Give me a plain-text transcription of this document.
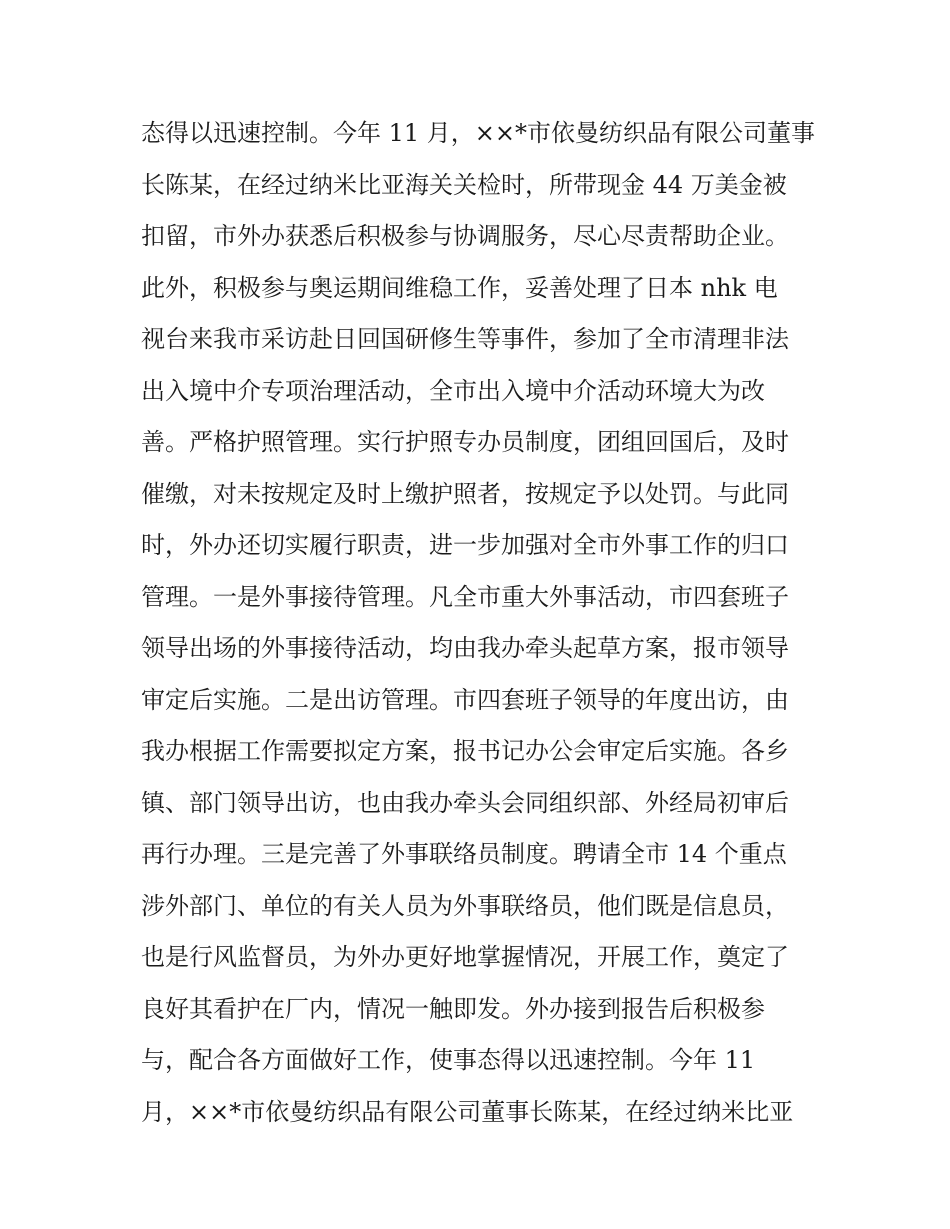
态得以迅速控制。今年 11 月，××*市依曼纺织品有限公司董事
长陈某，在经过纳米比亚海关关检时，所带现金 44 万美金被
扣留，市外办获悉后积极参与协调服务，尽心尽责帮助企业。
此外，积极参与奥运期间维稳工作，妥善处理了日本 nhk 电
视台来我市采访赴日回国研修生等事件，参加了全市清理非法
出入境中介专项治理活动，全市出入境中介活动环境大为改
善。严格护照管理。实行护照专办员制度，团组回国后，及时
催缴，对未按规定及时上缴护照者，按规定予以处罚。与此同
时，外办还切实履行职责，进一步加强对全市外事工作的归口
管理。一是外事接待管理。凡全市重大外事活动，市四套班子
领导出场的外事接待活动，均由我办牵头起草方案，报市领导
审定后实施。二是出访管理。市四套班子领导的年度出访，由
我办根据工作需要拟定方案，报书记办公会审定后实施。各乡
镇、部门领导出访，也由我办牵头会同组织部、外经局初审后
再行办理。三是完善了外事联络员制度。聘请全市 14 个重点
涉外部门、单位的有关人员为外事联络员，他们既是信息员，
也是行风监督员，为外办更好地掌握情况，开展工作，奠定了
良好其看护在厂内，情况一触即发。外办接到报告后积极参
与，配合各方面做好工作，使事态得以迅速控制。今年 11
月，××*市依曼纺织品有限公司董事长陈某，在经过纳米比亚
